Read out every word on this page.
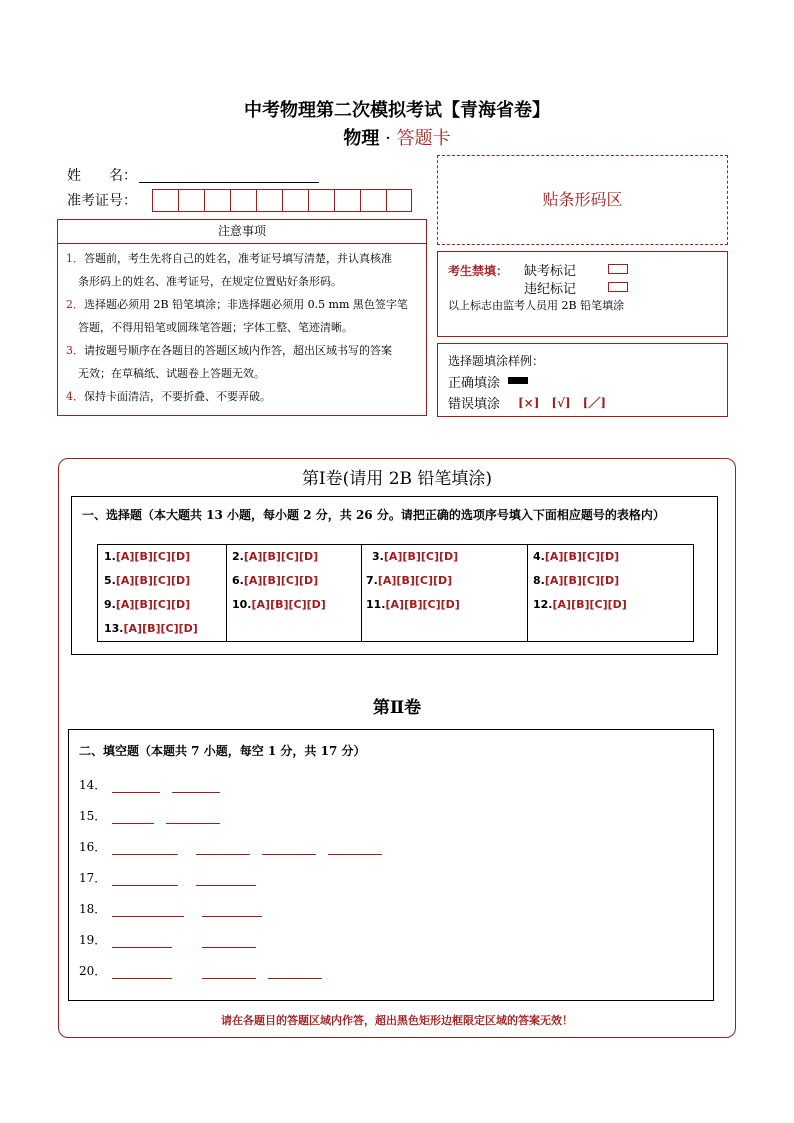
中考物理第二次模拟考试【青海省卷】
物理 · 答题卡
姓　　名：
准考证号：	贴条形码区
注意事项

1．答题前，考生先将自己的姓名，准考证号填写清楚，并认真核准

条形码上的姓名、准考证号，在规定位置贴好条形码。

2．选择题必须用 2B 铅笔填涂；非选择题必须用 0.5 mm 黑色签字笔

答题，不得用铅笔或圆珠笔答题；字体工整、笔迹清晰。

3．请按题号顺序在各题目的答题区域内作答，超出区域书写的答案

无效；在草稿纸、试题卷上答题无效。

4．保持卡面清洁，不要折叠、不要弄破。

考生禁填： 缺考标记
违纪标记
以上标志由监考人员用 2B 铅笔填涂
选择题填涂样例：
正确填涂
错误填涂 [×]　[√]　[／]
第Ⅰ卷(请用 2B 铅笔填涂)
一、选择题（本大题共 13 小题，每小题 2 分，共 26 分。请把正确的选项序号填入下面相应题号的表格内）
1.[A][B][C][D]	2.[A][B][C][D]	3.[A][B][C][D]	4.[A][B][C][D]
5.[A][B][C][D]	6.[A][B][C][D]	7.[A][B][C][D]	8.[A][B][C][D]
9.[A][B][C][D]	10.[A][B][C][D]	11.[A][B][C][D]	12.[A][B][C][D]
13.[A][B][C][D]
第Ⅱ卷
二、填空题（本题共 7 小题，每空 1 分，共 17 分）
14．
15．
16．
17．
18．
19．
20．
请在各题目的答题区域内作答，超出黑色矩形边框限定区域的答案无效！
